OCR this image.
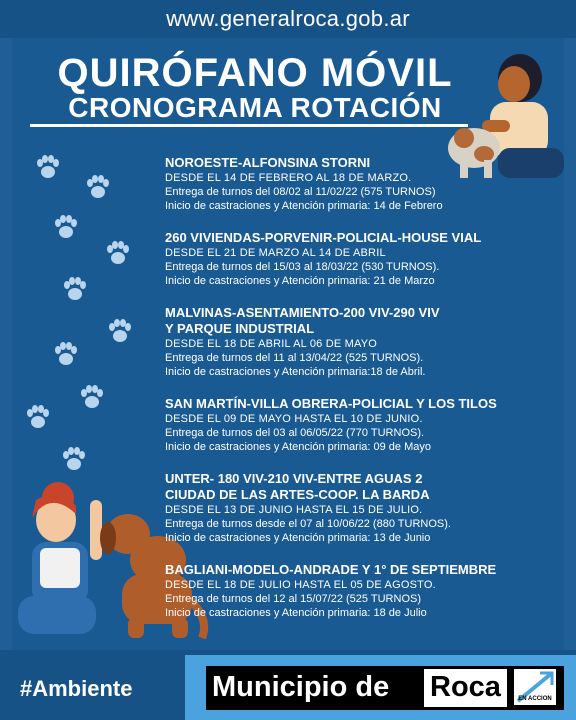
www.generalroca.gob.ar
QUIRÓFANO MÓVIL
CRONOGRAMA ROTACIÓN
NOROESTE-ALFONSINA STORNI
DESDE EL 14 DE FEBRERO AL 18 DE MARZO.
Entrega de turnos del 08/02 al 11/02/22 (575 TURNOS)
Inicio de castraciones y Atención primaria: 14 de Febrero
260 VIVIENDAS-PORVENIR-POLICIAL-HOUSE VIAL
DESDE EL 21 DE MARZO AL 14 DE ABRIL
Entrega de turnos del 15/03 al 18/03/22 (530 TURNOS).
Inicio de castraciones y Atención primaria: 21 de Marzo
MALVINAS-ASENTAMIENTO-200 VIV-290 VIV
Y PARQUE INDUSTRIAL
DESDE EL 18 DE ABRIL AL 06 DE MAYO
Entrega de turnos del 11 al 13/04/22 (525 TURNOS).
Inicio de castraciones y Atención primaria:18 de Abril.
SAN MARTÍN-VILLA OBRERA-POLICIAL Y LOS TILOS
DESDE EL 09 DE MAYO HASTA EL 10 DE JUNIO.
Entrega de turnos del 03 al 06/05/22 (770 TURNOS).
Inicio de castraciones y Atención primaria: 09 de Mayo
UNTER- 180 VIV-210 VIV-ENTRE AGUAS 2
CIUDAD DE LAS ARTES-COOP. LA BARDA
DESDE EL 13 DE JUNIO HASTA EL 15 DE JULIO.
Entrega de turnos desde el 07 al 10/06/22 (880 TURNOS).
Inicio de castraciones y Atención primaria: 13 de Junio
BAGLIANI-MODELO-ANDRADE Y 1° DE SEPTIEMBRE
DESDE EL 18 DE JULIO HASTA EL 05 DE AGOSTO.
Entrega de turnos del 12 al 15/07/22 (525 TURNOS)
Inicio de castraciones y Atención primaria: 18 de Julio
#Ambiente	Municipio de Roca	EN ACCION
